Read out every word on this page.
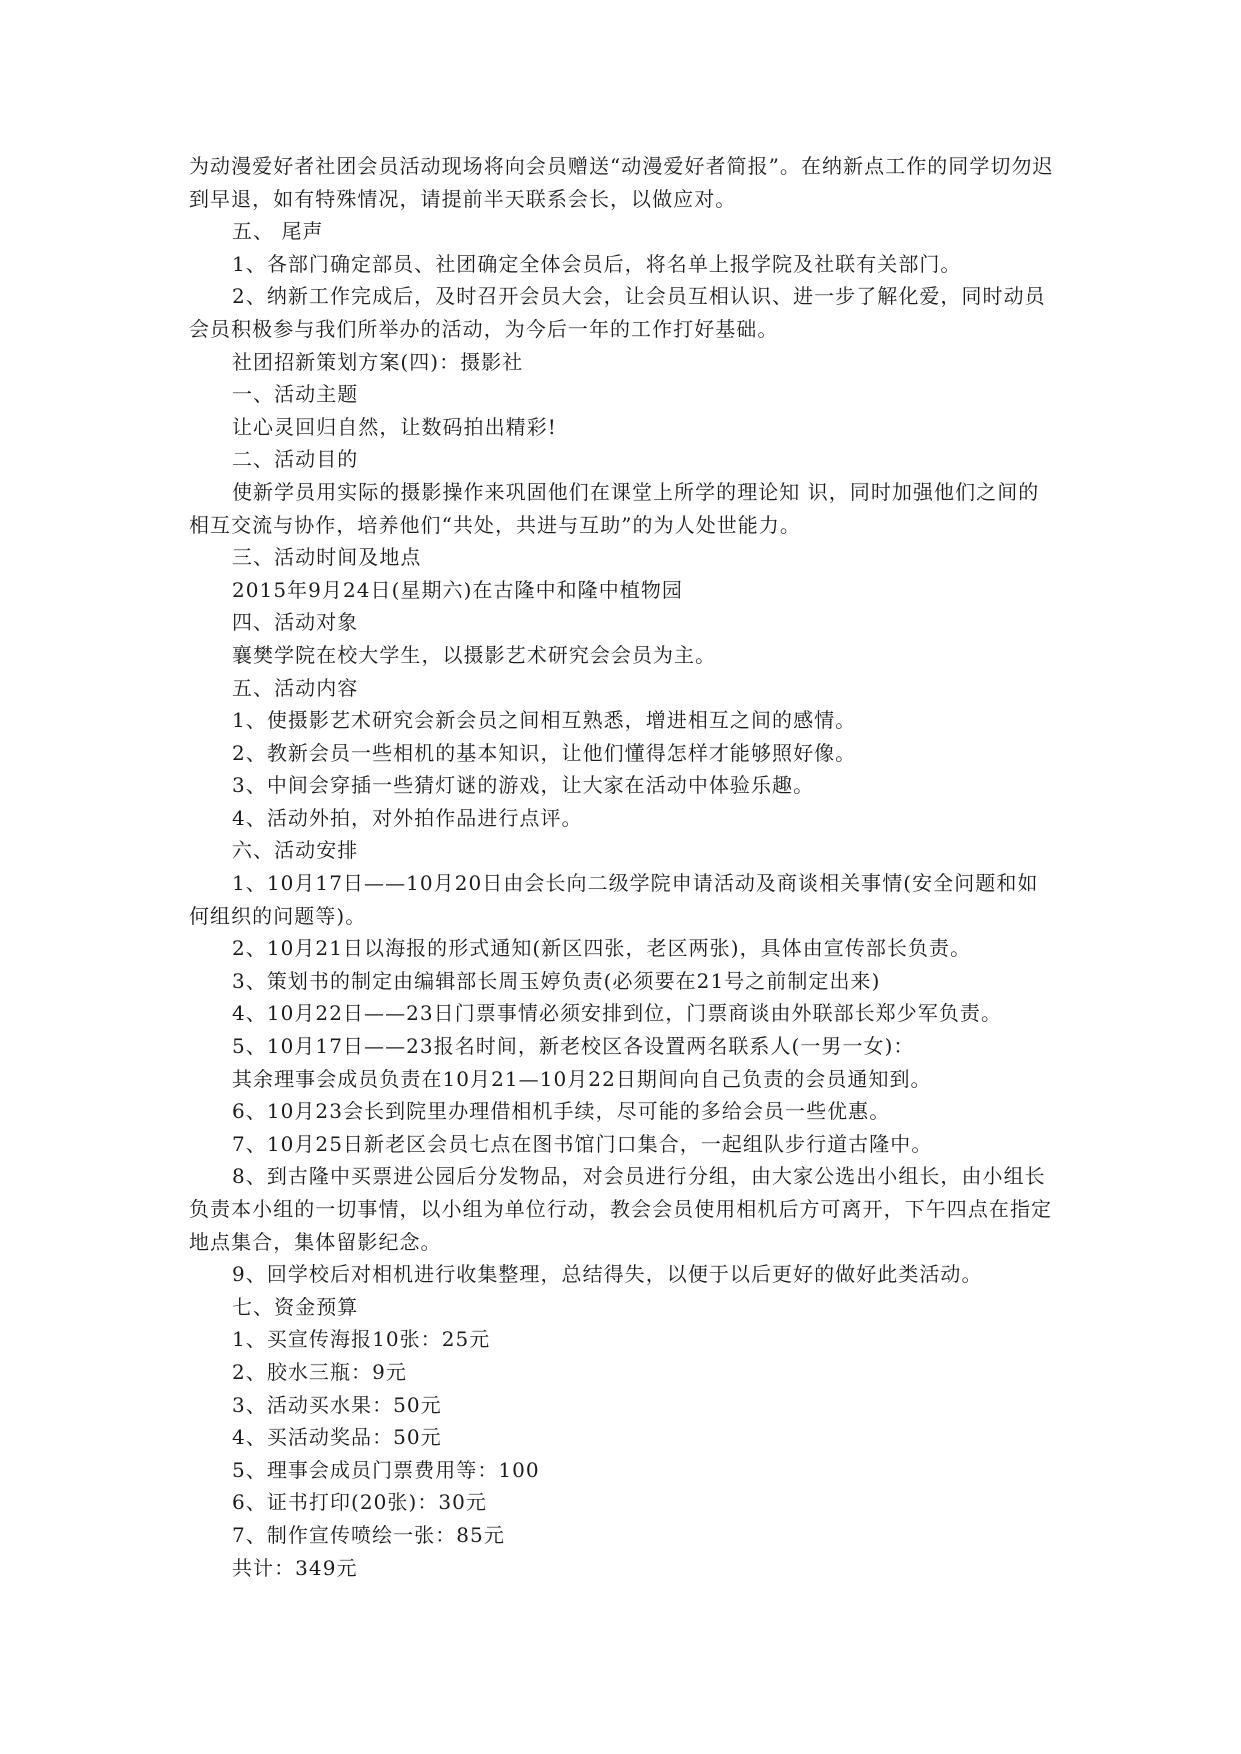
为动漫爱好者社团会员活动现场将向会员赠送“动漫爱好者简报”。在纳新点工作的同学切勿迟到早退，如有特殊情况，请提前半天联系会长，以做应对。

五、 尾声

1、各部门确定部员、社团确定全体会员后，将名单上报学院及社联有关部门。

2、纳新工作完成后，及时召开会员大会，让会员互相认识、进一步了解化爱，同时动员会员积极参与我们所举办的活动，为今后一年的工作打好基础。

社团招新策划方案(四)：摄影社

一、活动主题

让心灵回归自然，让数码拍出精彩!

二、活动目的

使新学员用实际的摄影操作来巩固他们在课堂上所学的理论知 识，同时加强他们之间的相互交流与协作，培养他们“共处，共进与互助”的为人处世能力。

三、活动时间及地点

2015年9月24日(星期六)在古隆中和隆中植物园

四、活动对象

襄樊学院在校大学生，以摄影艺术研究会会员为主。

五、活动内容

1、使摄影艺术研究会新会员之间相互熟悉，增进相互之间的感情。

2、教新会员一些相机的基本知识，让他们懂得怎样才能够照好像。

3、中间会穿插一些猜灯谜的游戏，让大家在活动中体验乐趣。

4、活动外拍，对外拍作品进行点评。

六、活动安排

1、10月17日——10月20日由会长向二级学院申请活动及商谈相关事情(安全问题和如何组织的问题等)。

2、10月21日以海报的形式通知(新区四张，老区两张)，具体由宣传部长负责。

3、策划书的制定由编辑部长周玉婷负责(必须要在21号之前制定出来)

4、10月22日——23日门票事情必须安排到位，门票商谈由外联部长郑少军负责。

5、10月17日——23报名时间，新老校区各设置两名联系人(一男一女)：

其余理事会成员负责在10月21—10月22日期间向自己负责的会员通知到。

6、10月23会长到院里办理借相机手续，尽可能的多给会员一些优惠。

7、10月25日新老区会员七点在图书馆门口集合，一起组队步行道古隆中。

8、到古隆中买票进公园后分发物品，对会员进行分组，由大家公选出小组长，由小组长负责本小组的一切事情，以小组为单位行动，教会会员使用相机后方可离开，下午四点在指定地点集合，集体留影纪念。

9、回学校后对相机进行收集整理，总结得失，以便于以后更好的做好此类活动。

七、资金预算

1、买宣传海报10张：25元

2、胶水三瓶：9元

3、活动买水果：50元

4、买活动奖品：50元

5、理事会成员门票费用等：100

6、证书打印(20张)：30元

7、制作宣传喷绘一张：85元

共计：349元
